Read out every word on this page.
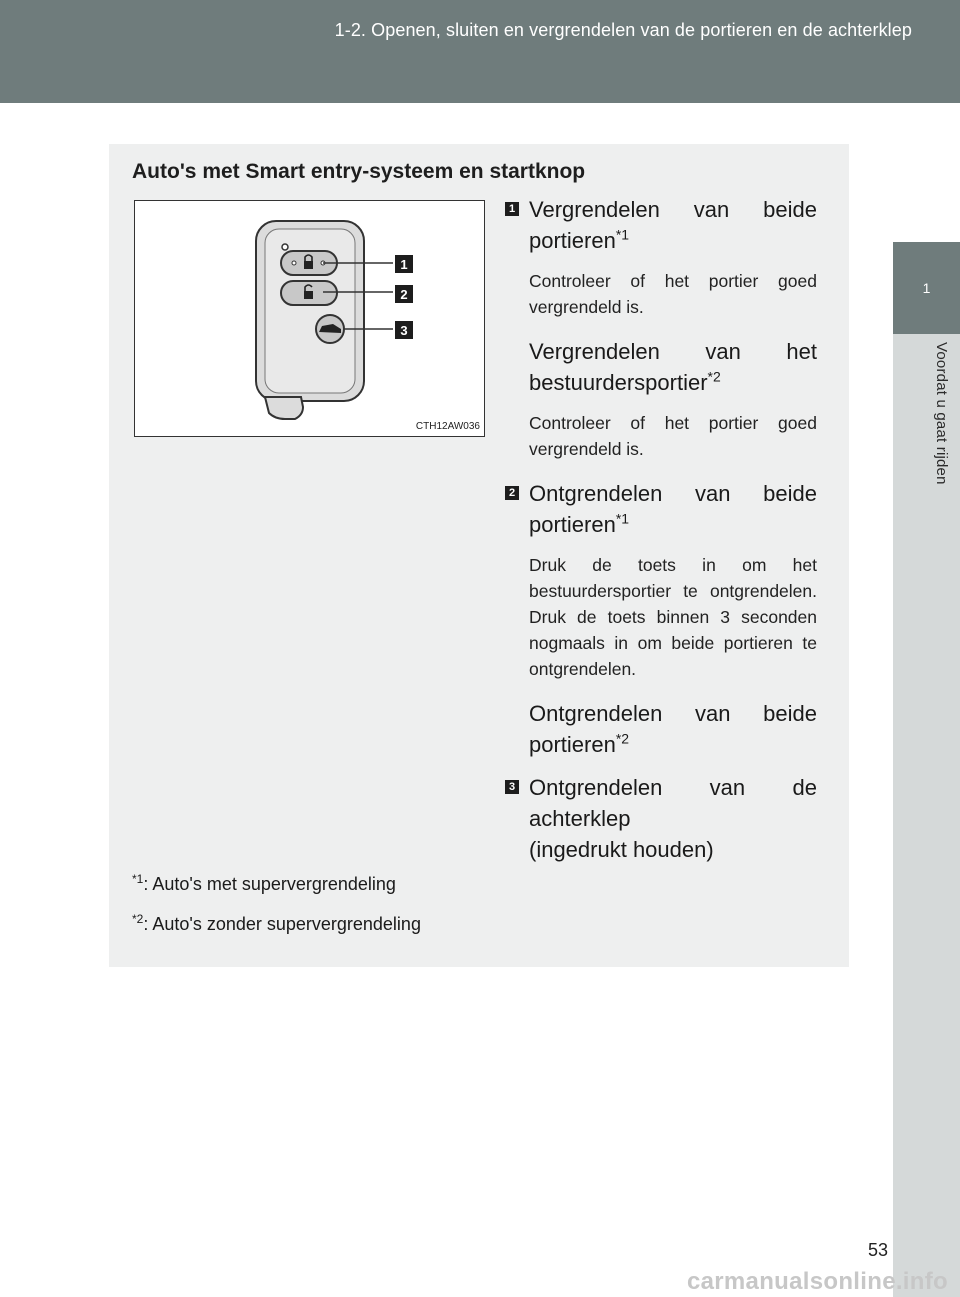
1-2. Openen, sluiten en vergrendelen van de portieren en de achterklep
1
Voordat u gaat rijden
Auto's met Smart entry-systeem en startknop
1
2
3
CTH12AW036
1 Vergrendelen van beide portieren$^{*1}$
Controleer of het portier goed vergrendeld is.
Vergrendelen van het bestuurdersportier$^{*2}$
Controleer of het portier goed vergrendeld is.
2 Ontgrendelen van beide portieren$^{*1}$
Druk de toets in om het bestuurdersportier te ontgrendelen. Druk de toets binnen 3 seconden nogmaals in om beide portieren te ontgrendelen.
Ontgrendelen van beide portieren$^{*2}$
3 Ontgrendelen van de achterklep
(ingedrukt houden)
$^{*1}$: Auto's met supervergrendeling
$^{*2}$: Auto's zonder supervergrendeling
53
carmanualsonline.info
